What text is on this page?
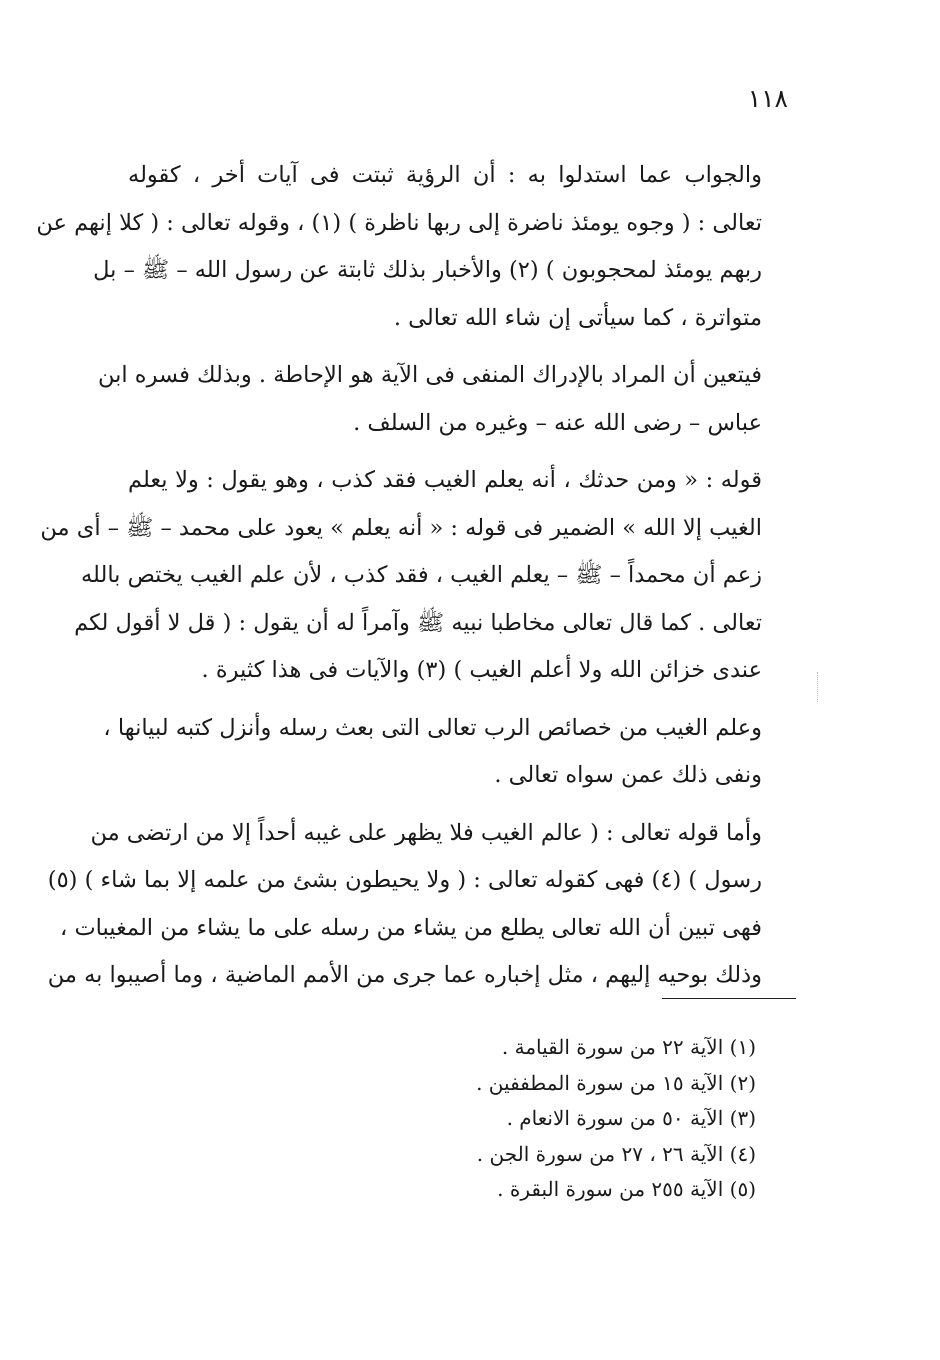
١١٨

والجواب عما استدلوا به : أن الرؤية ثبتت فى آيات أخر ، كقوله
تعالى : ( وجوه يومئذ ناضرة إلى ربها ناظرة ) (١) ، وقوله تعالى : ( كلا إنهم عن
ربهم يومئذ لمحجوبون ) (٢) والأخبار بذلك ثابتة عن رسول الله – ﷺ – بل
متواترة ، كما سيأتى إن شاء الله تعالى .

فيتعين أن المراد بالإدراك المنفى فى الآية هو الإحاطة . وبذلك فسره ابن
عباس – رضى الله عنه – وغيره من السلف .

قوله : « ومن حدثك ، أنه يعلم الغيب فقد كذب ، وهو يقول : ولا يعلم
الغيب إلا الله » الضمير فى قوله : « أنه يعلم » يعود على محمد – ﷺ – أى من
زعم أن محمداً – ﷺ – يعلم الغيب ، فقد كذب ، لأن علم الغيب يختص بالله
تعالى . كما قال تعالى مخاطبا نبيه ﷺ وآمراً له أن يقول : ( قل لا أقول لكم
عندى خزائن الله ولا أعلم الغيب ) (٣) والآيات فى هذا كثيرة .

وعلم الغيب من خصائص الرب تعالى التى بعث رسله وأنزل كتبه لبيانها ،
ونفى ذلك عمن سواه تعالى .

وأما قوله تعالى : ( عالم الغيب فلا يظهر على غيبه أحداً إلا من ارتضى من
رسول ) (٤) فهى كقوله تعالى : ( ولا يحيطون بشئ من علمه إلا بما شاء ) (٥)
فهى تبين أن الله تعالى يطلع من يشاء من رسله على ما يشاء من المغيبات ،
وذلك بوحيه إليهم ، مثل إخباره عما جرى من الأمم الماضية ، وما أصيبوا به من

(١) الآية ٢٢ من سورة القيامة .
(٢) الآية ١٥ من سورة المطففين .
(٣) الآية ٥٠ من سورة الانعام .
(٤) الآية ٢٦ ، ٢٧ من سورة الجن .
(٥) الآية ٢٥٥ من سورة البقرة .
